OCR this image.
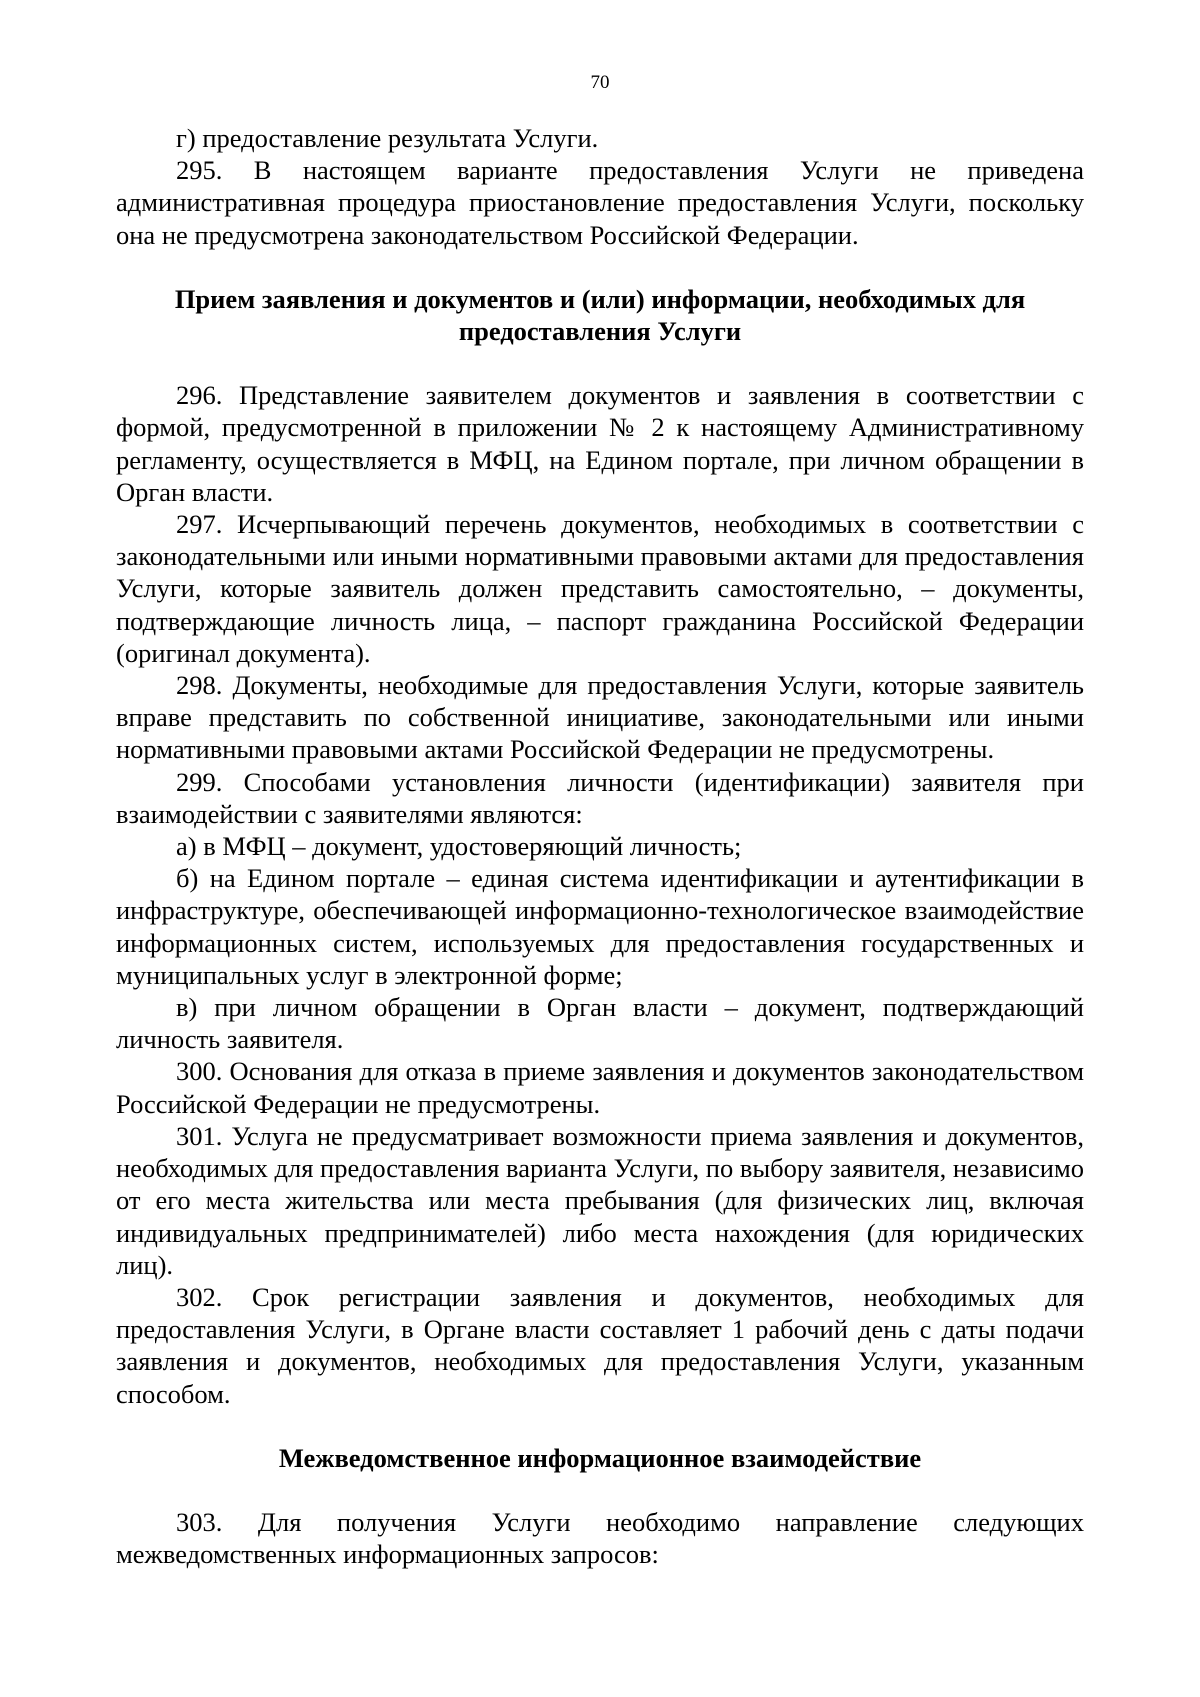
70

г) предоставление результата Услуги.

295. В настоящем варианте предоставления Услуги не приведена административная процедура приостановление предоставления Услуги, поскольку она не предусмотрена законодательством Российской Федерации.

Прием заявления и документов и (или) информации, необходимых для предоставления Услуги

296. Представление заявителем документов и заявления в соответствии с формой, предусмотренной в приложении № 2 к настоящему Административному регламенту, осуществляется в МФЦ, на Едином портале, при личном обращении в Орган власти.

297. Исчерпывающий перечень документов, необходимых в соответствии с законодательными или иными нормативными правовыми актами для предоставления Услуги, которые заявитель должен представить самостоятельно, – документы, подтверждающие личность лица, – паспорт гражданина Российской Федерации (оригинал документа).

298. Документы, необходимые для предоставления Услуги, которые заявитель вправе представить по собственной инициативе, законодательными или иными нормативными правовыми актами Российской Федерации не предусмотрены.

299. Способами установления личности (идентификации) заявителя при взаимодействии с заявителями являются:

а) в МФЦ – документ, удостоверяющий личность;

б) на Едином портале – единая система идентификации и аутентификации в инфраструктуре, обеспечивающей информационно-технологическое взаимодействие информационных систем, используемых для предоставления государственных и муниципальных услуг в электронной форме;

в) при личном обращении в Орган власти – документ, подтверждающий личность заявителя.

300. Основания для отказа в приеме заявления и документов законодательством Российской Федерации не предусмотрены.

301. Услуга не предусматривает возможности приема заявления и документов, необходимых для предоставления варианта Услуги, по выбору заявителя, независимо от его места жительства или места пребывания (для физических лиц, включая индивидуальных предпринимателей) либо места нахождения (для юридических лиц).

302. Срок регистрации заявления и документов, необходимых для предоставления Услуги, в Органе власти составляет 1 рабочий день с даты подачи заявления и документов, необходимых для предоставления Услуги, указанным способом.

Межведомственное информационное взаимодействие

303. Для получения Услуги необходимо направление следующих межведомственных информационных запросов:
